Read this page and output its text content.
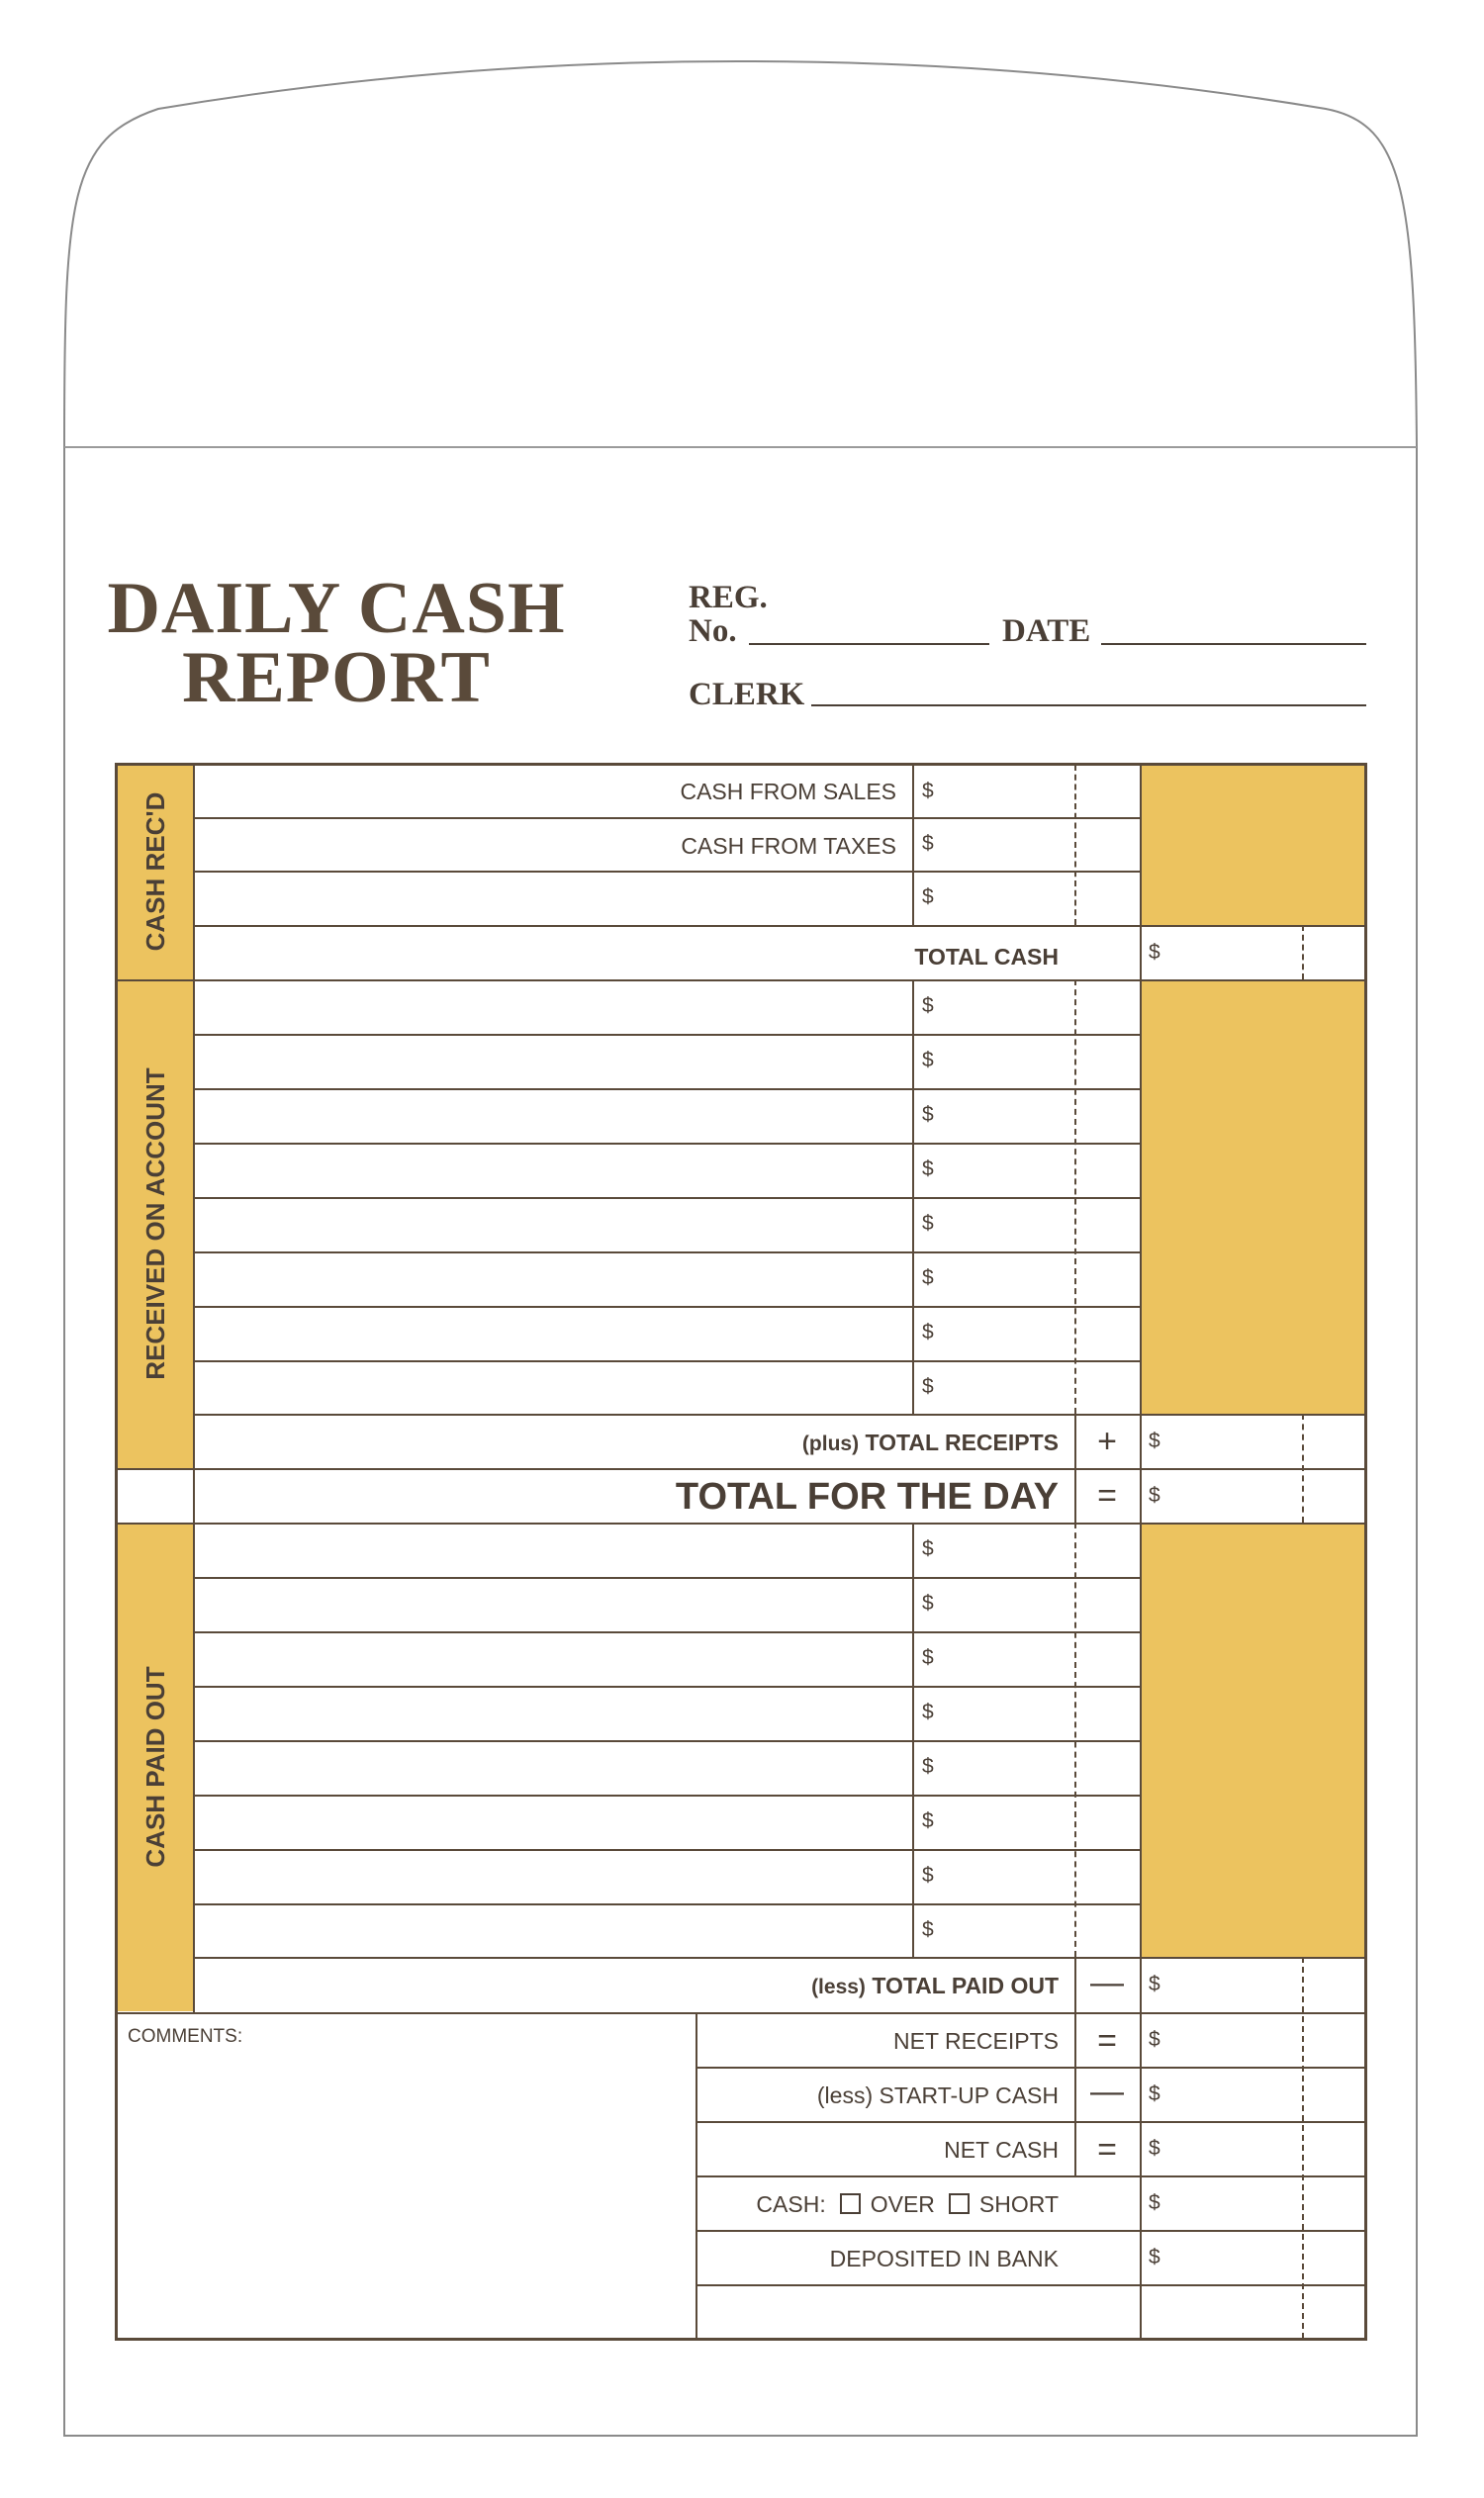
DAILY CASH
REPORT
REG.
No.	DATE
CLERK
CASH REC'D
RECEIVED ON ACCOUNT
CASH PAID OUT
CASH FROM SALES
CASH FROM TAXES
TOTAL CASH
(plus) TOTAL RECEIPTS +
TOTAL FOR THE DAY =
(less) TOTAL PAID OUT —
COMMENTS:	NET RECEIPTS =
(less) START-UP CASH —
NET CASH =
CASH: OVER SHORT
DEPOSITED IN BANK
$
$
$
$
$
$
$
$
$
$
$
$
$
$
$
$
$
$
$
$
$
$
$
$
$
$
$
$
